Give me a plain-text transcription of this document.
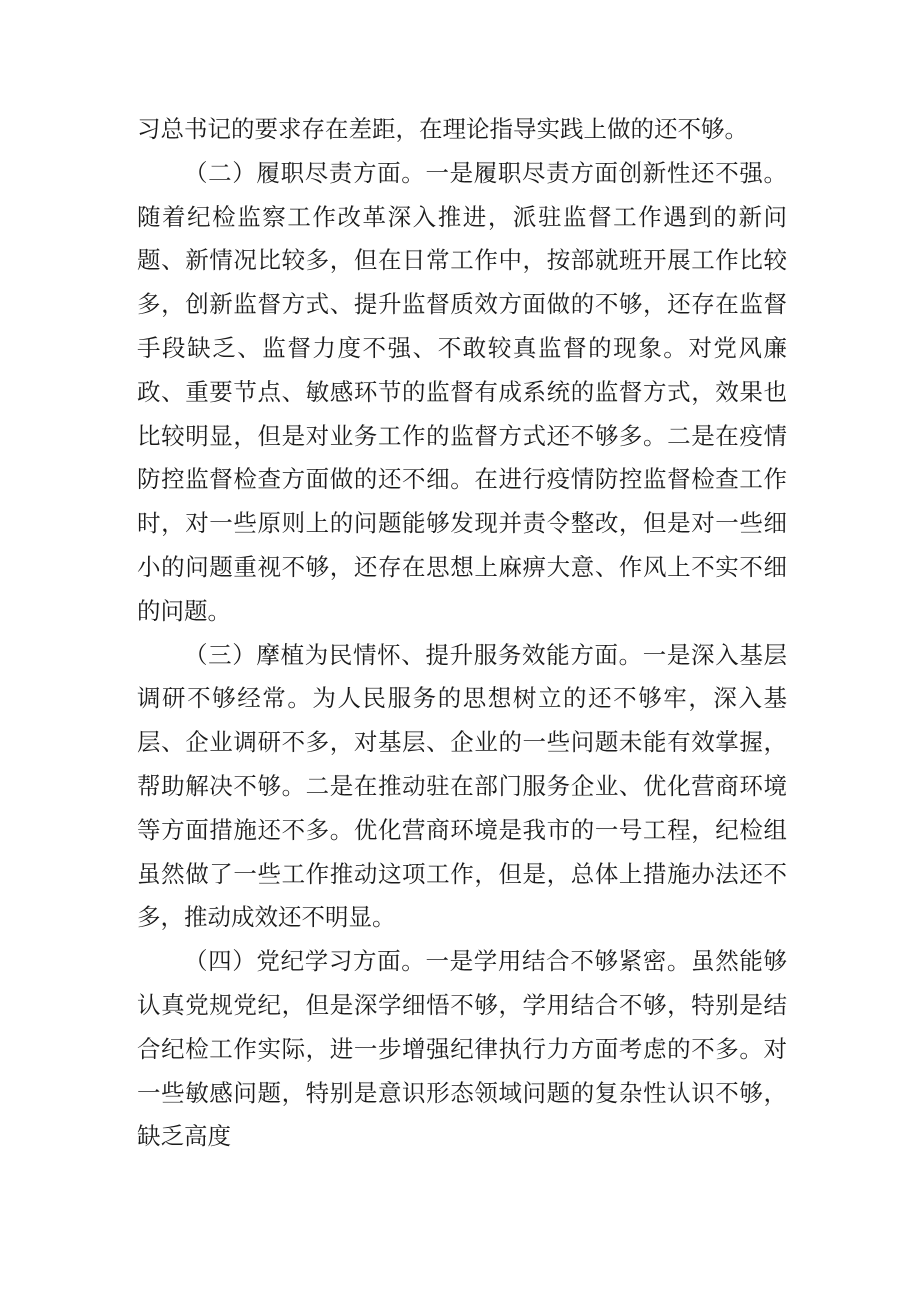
习总书记的要求存在差距，在理论指导实践上做的还不够。

（二）履职尽责方面。一是履职尽责方面创新性还不强。随着纪检监察工作改革深入推进，派驻监督工作遇到的新问题、新情况比较多，但在日常工作中，按部就班开展工作比较多，创新监督方式、提升监督质效方面做的不够，还存在监督手段缺乏、监督力度不强、不敢较真监督的现象。对党风廉政、重要节点、敏感环节的监督有成系统的监督方式，效果也比较明显，但是对业务工作的监督方式还不够多。二是在疫情防控监督检查方面做的还不细。在进行疫情防控监督检查工作时，对一些原则上的问题能够发现并责令整改，但是对一些细小的问题重视不够，还存在思想上麻痹大意、作风上不实不细的问题。

（三）摩植为民情怀、提升服务效能方面。一是深入基层调研不够经常。为人民服务的思想树立的还不够牢，深入基层、企业调研不多，对基层、企业的一些问题未能有效掌握，帮助解决不够。二是在推动驻在部门服务企业、优化营商环境等方面措施还不多。优化营商环境是我市的一号工程，纪检组虽然做了一些工作推动这项工作，但是，总体上措施办法还不多，推动成效还不明显。

（四）党纪学习方面。一是学用结合不够紧密。虽然能够认真党规党纪，但是深学细悟不够，学用结合不够，特别是结合纪检工作实际，进一步增强纪律执行力方面考虑的不多。对一些敏感问题，特别是意识形态领域问题的复杂性认识不够，缺乏高度
